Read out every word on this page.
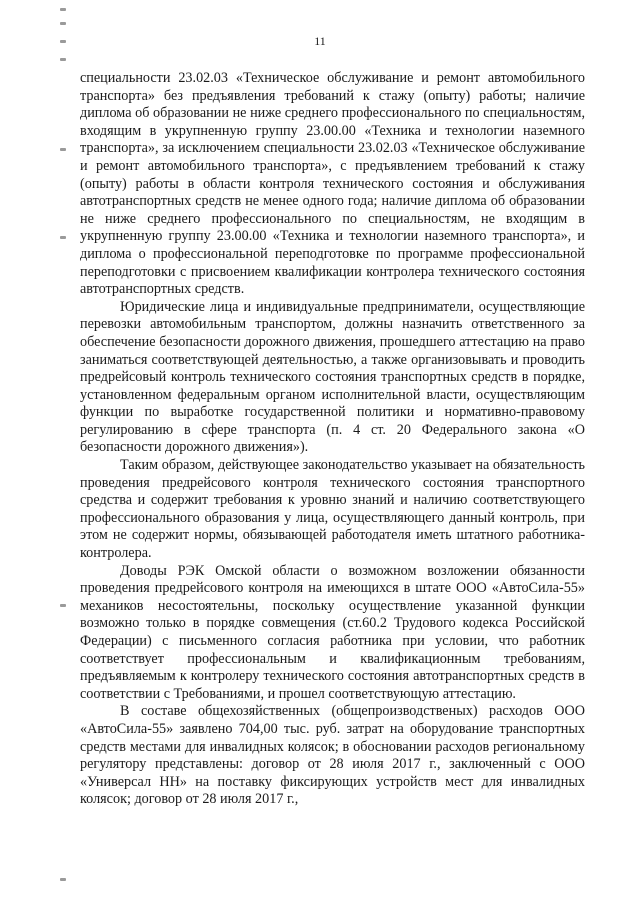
11

специальности 23.02.03 «Техническое обслуживание и ремонт автомобильного транспорта» без предъявления требований к стажу (опыту) работы; наличие диплома об образовании не ниже среднего профессионального по специальностям, входящим в укрупненную группу 23.00.00 «Техника и технологии наземного транспорта», за исключением специальности 23.02.03 «Техническое обслуживание и ремонт автомобильного транспорта», с предъявлением требований к стажу (опыту) работы в области контроля технического состояния и обслуживания автотранспортных средств не менее одного года; наличие диплома об образовании не ниже среднего профессионального по специальностям, не входящим в укрупненную группу 23.00.00 «Техника и технологии наземного транспорта», и диплома о профессиональной переподготовке по программе профессиональной переподготовки с присвоением квалификации контролера технического состояния автотранспортных средств.

Юридические лица и индивидуальные предприниматели, осуществляющие перевозки автомобильным транспортом, должны назначить ответственного за обеспечение безопасности дорожного движения, прошедшего аттестацию на право заниматься соответствующей деятельностью, а также организовывать и проводить предрейсовый контроль технического состояния транспортных средств в порядке, установленном федеральным органом исполнительной власти, осуществляющим функции по выработке государственной политики и нормативно-правовому регулированию в сфере транспорта (п. 4 ст. 20 Федерального закона «О безопасности дорожного движения»).

Таким образом, действующее законодательство указывает на обязательность проведения предрейсового контроля технического состояния транспортного средства и содержит требования к уровню знаний и наличию соответствующего профессионального образования у лица, осуществляющего данный контроль, при этом не содержит нормы, обязывающей работодателя иметь штатного работника-контролера.

Доводы РЭК Омской области о возможном возложении обязанности проведения предрейсового контроля на имеющихся в штате ООО «АвтоСила-55» механиков несостоятельны, поскольку осуществление указанной функции возможно только в порядке совмещения (ст.60.2 Трудового кодекса Российской Федерации) с письменного согласия работника при условии, что работник соответствует профессиональным и квалификационным требованиям, предъявляемым к контролеру технического состояния автотранспортных средств в соответствии с Требованиями, и прошел соответствующую аттестацию.

В составе общехозяйственных (общепроизводственых) расходов ООО «АвтоСила-55» заявлено 704,00 тыс. руб. затрат на оборудование транспортных средств местами для инвалидных колясок; в обосновании расходов региональному регулятору представлены: договор от 28 июля 2017 г., заключенный с ООО «Универсал НН» на поставку фиксирующих устройств мест для инвалидных колясок; договор от 28 июля 2017 г.,
